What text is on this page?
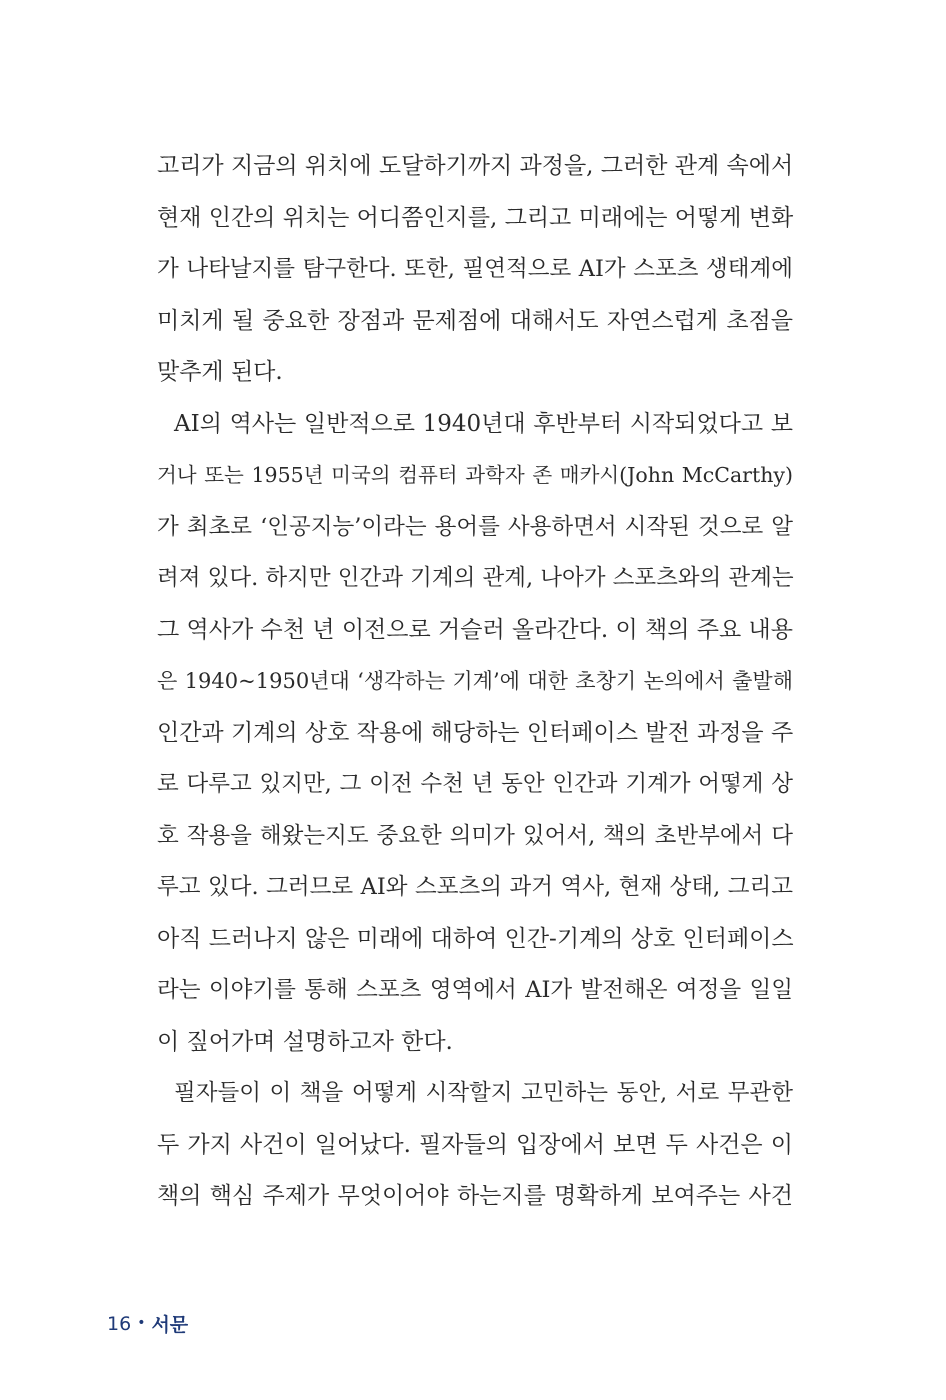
고리가 지금의 위치에 도달하기까지 과정을, 그러한 관계 속에서
현재 인간의 위치는 어디쯤인지를, 그리고 미래에는 어떻게 변화
가 나타날지를 탐구한다. 또한, 필연적으로 AI가 스포츠 생태계에
미치게 될 중요한 장점과 문제점에 대해서도 자연스럽게 초점을
맞추게 된다.
AI의 역사는 일반적으로 1940년대 후반부터 시작되었다고 보
거나 또는 1955년 미국의 컴퓨터 과학자 존 매카시(John McCarthy)
가 최초로 ‘인공지능’이라는 용어를 사용하면서 시작된 것으로 알
려져 있다. 하지만 인간과 기계의 관계, 나아가 스포츠와의 관계는
그 역사가 수천 년 이전으로 거슬러 올라간다. 이 책의 주요 내용
은 1940~1950년대 ‘생각하는 기계’에 대한 초창기 논의에서 출발해
인간과 기계의 상호 작용에 해당하는 인터페이스 발전 과정을 주
로 다루고 있지만, 그 이전 수천 년 동안 인간과 기계가 어떻게 상
호 작용을 해왔는지도 중요한 의미가 있어서, 책의 초반부에서 다
루고 있다. 그러므로 AI와 스포츠의 과거 역사, 현재 상태, 그리고
아직 드러나지 않은 미래에 대하여 인간-기계의 상호 인터페이스
라는 이야기를 통해 스포츠 영역에서 AI가 발전해온 여정을 일일
이 짚어가며 설명하고자 한다.
필자들이 이 책을 어떻게 시작할지 고민하는 동안, 서로 무관한
두 가지 사건이 일어났다. 필자들의 입장에서 보면 두 사건은 이
책의 핵심 주제가 무엇이어야 하는지를 명확하게 보여주는 사건
16 • 서문
